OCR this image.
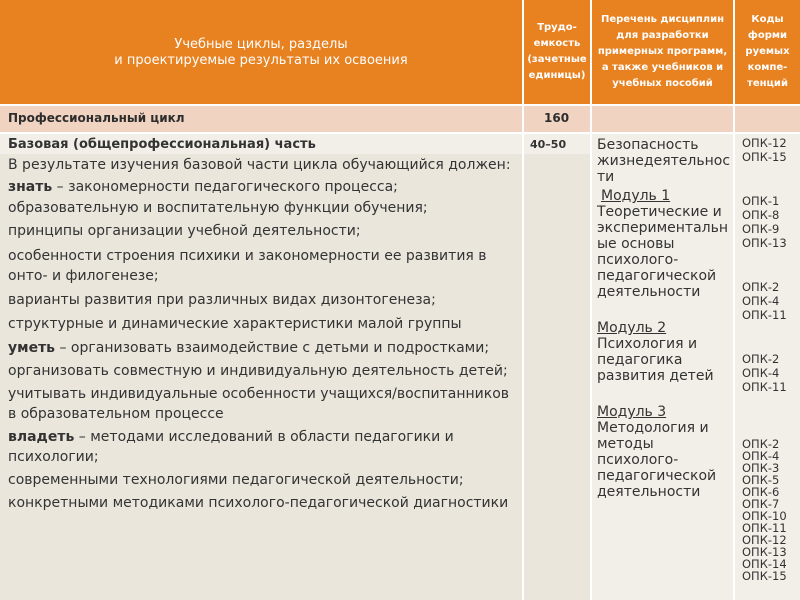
Учебные циклы, разделы
и проектируемые результаты их освоения
Трудо-
емкость
(зачетные
единицы)
Перечень дисциплин
для разработки
примерных программ,
а также учебников и
учебных пособий
Коды
форми
руемых
компе-
тенций
Профессиональный цикл	160
Базовая (общепрофессиональная) часть	40–50

В результате изучения базовой части цикла обучающийся должен:

знать – закономерности педагогического процесса;

образовательную и воспитательную функции обучения;

принципы организации учебной деятельности;

особенности строения психики и закономерности ее развития в онто- и филогенезе;

варианты развития при различных видах дизонтогенеза;

структурные и динамические характеристики малой группы

уметь – организовать взаимодействие с детьми и подростками;

организовать совместную и индивидуальную деятельность детей;

учитывать индивидуальные особенности учащихся/воспитанников в образовательном процессе

владеть – методами исследований в области педагогики и психологии;

современными технологиями педагогической деятельности;

конкретными методиками психолого-педагогической диагностики

Безопасность
жизнедеятельнос
ти
Модуль 1
Теоретические и
экспериментальн
ые основы
психолого-
педагогической
деятельности
Модуль 2
Психология и
педагогика
развития детей
Модуль 3
Методология и
методы
психолого-
педагогической
деятельности
ОПК-12
ОПК-15
ОПК-1
ОПК-8
ОПК-9
ОПК-13
ОПК-2
ОПК-4
ОПК-11
ОПК-2
ОПК-4
ОПК-11
ОПК-2
ОПК-4
ОПК-3
ОПК-5
ОПК-6
ОПК-7
ОПК-10
ОПК-11
ОПК-12
ОПК-13
ОПК-14
ОПК-15
